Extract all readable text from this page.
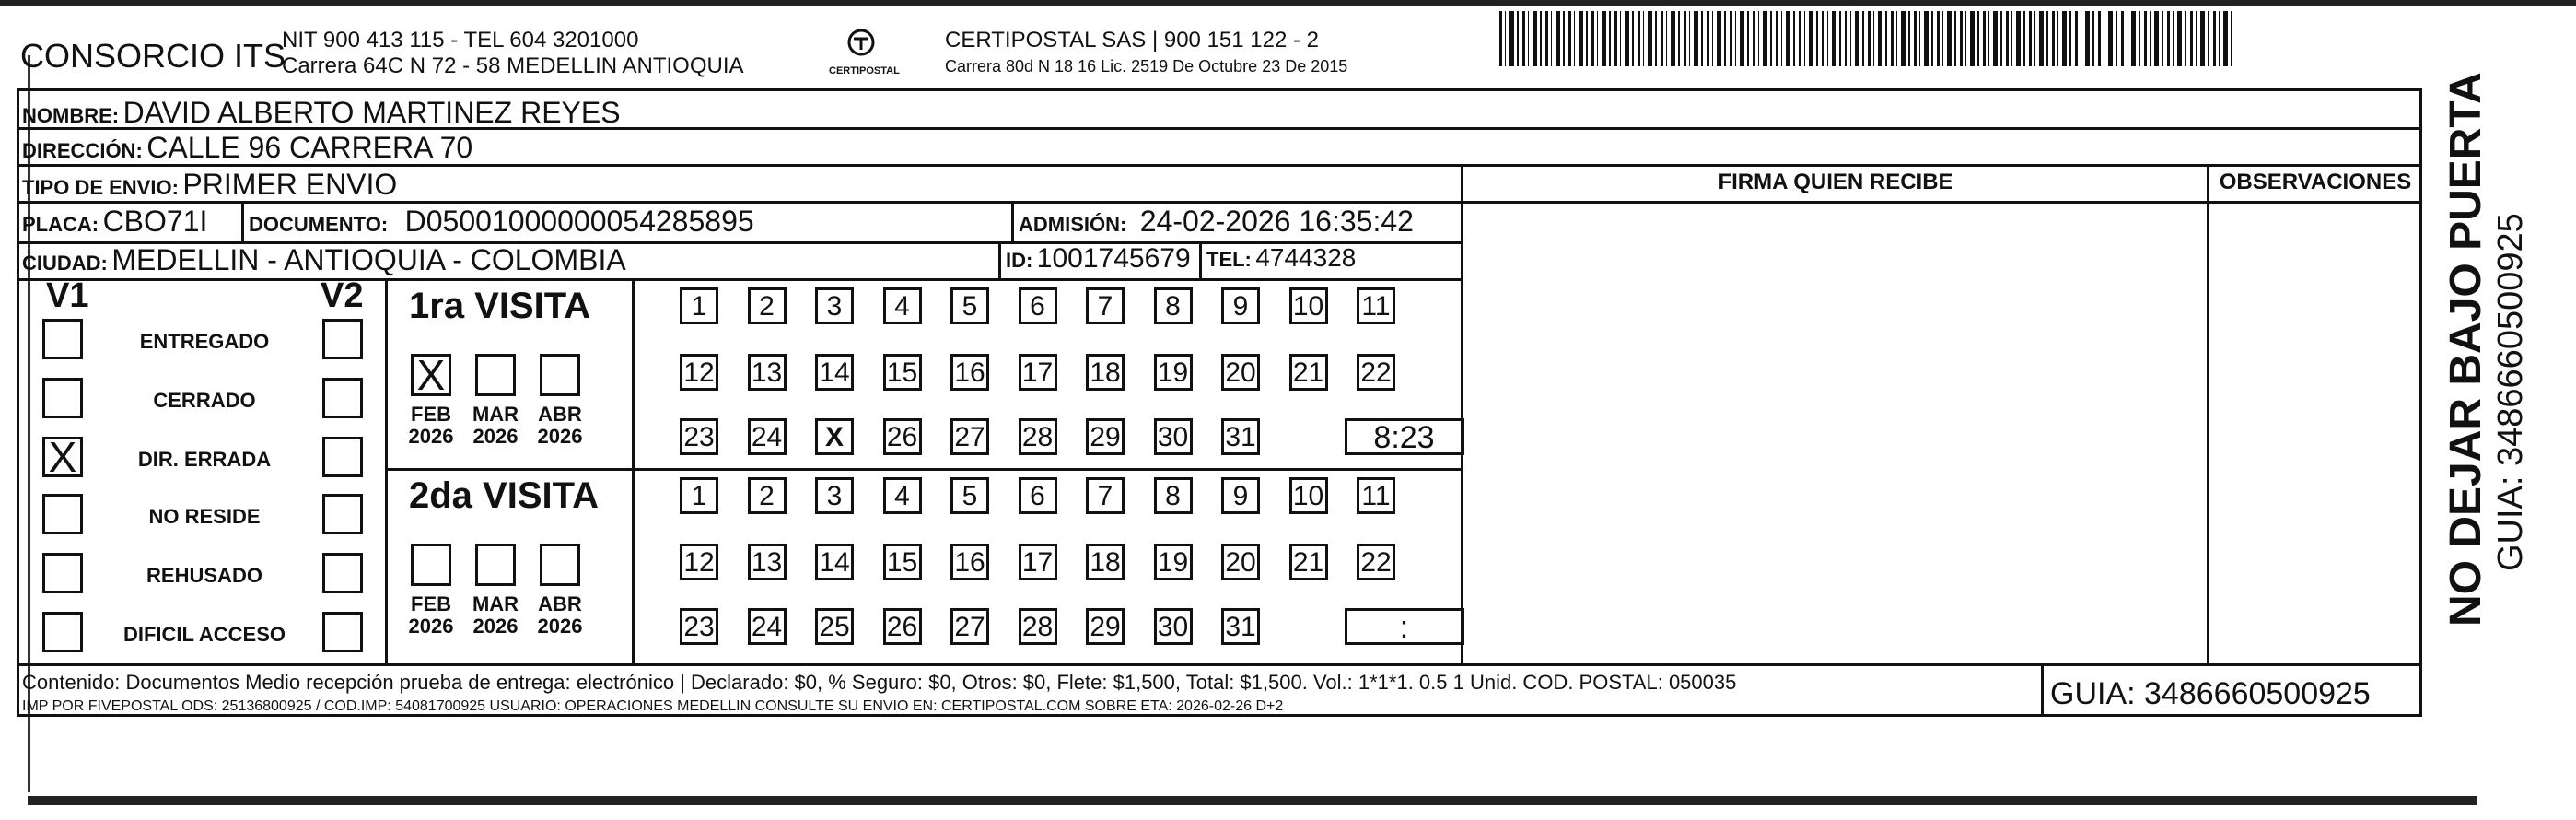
CONSORCIO ITS
NIT 900 413 115 - TEL 604 3201000
Carrera 64C N 72 - 58 MEDELLIN ANTIOQUIA	CERTIPOSTAL
CERTIPOSTAL SAS | 900 151 122 - 2
Carrera 80d N 18 16 Lic. 2519 De Octubre 23 De 2015
NOMBRE: DAVID ALBERTO MARTINEZ REYES
DIRECCIÓN: CALLE 96 CARRERA 70
TIPO DE ENVIO: PRIMER ENVIO	FIRMA QUIEN RECIBE	OBSERVACIONES
PLACA: CBO71I DOCUMENTO: D05001000000054285895	ADMISIÓN: 24-02-2026 16:35:42
CIUDAD: MEDELLIN - ANTIOQUIA - COLOMBIA	ID: 1001745679 TEL: 4744328
V1	V2
ENTREGADO
CERRADO
X	DIR. ERRADA
NO RESIDE
REHUSADO
DIFICIL ACCESO
1ra VISITA
2da VISITA
X
FEB
2026
MAR
2026
ABR
2026
FEB
2026
MAR
2026
ABR
2026
1	2	3	4	5	6	7	8	9	10 11
12 13 14 15 16 17 18 19 20 21 22
23 24	X	26 27 28 29 30 31	8:23
1	2	3	4	5	6	7	8	9	10 11
12 13 14 15 16 17 18 19 20 21 22
23 24 25 26 27 28 29 30 31	:
Contenido: Documentos Medio recepción prueba de entrega: electrónico | Declarado: $0, % Seguro: $0, Otros: $0, Flete: $1,500, Total: $1,500. Vol.: 1*1*1. 0.5 1 Unid. COD. POSTAL: 050035
IMP POR FIVEPOSTAL ODS: 25136800925 / COD.IMP: 54081700925 USUARIO: OPERACIONES MEDELLIN CONSULTE SU ENVIO EN: CERTIPOSTAL.COM SOBRE ETA: 2026-02-26 D+2	GUIA: 3486660500925
NO DEJAR BAJO PUERTA GUIA: 3486660500925
